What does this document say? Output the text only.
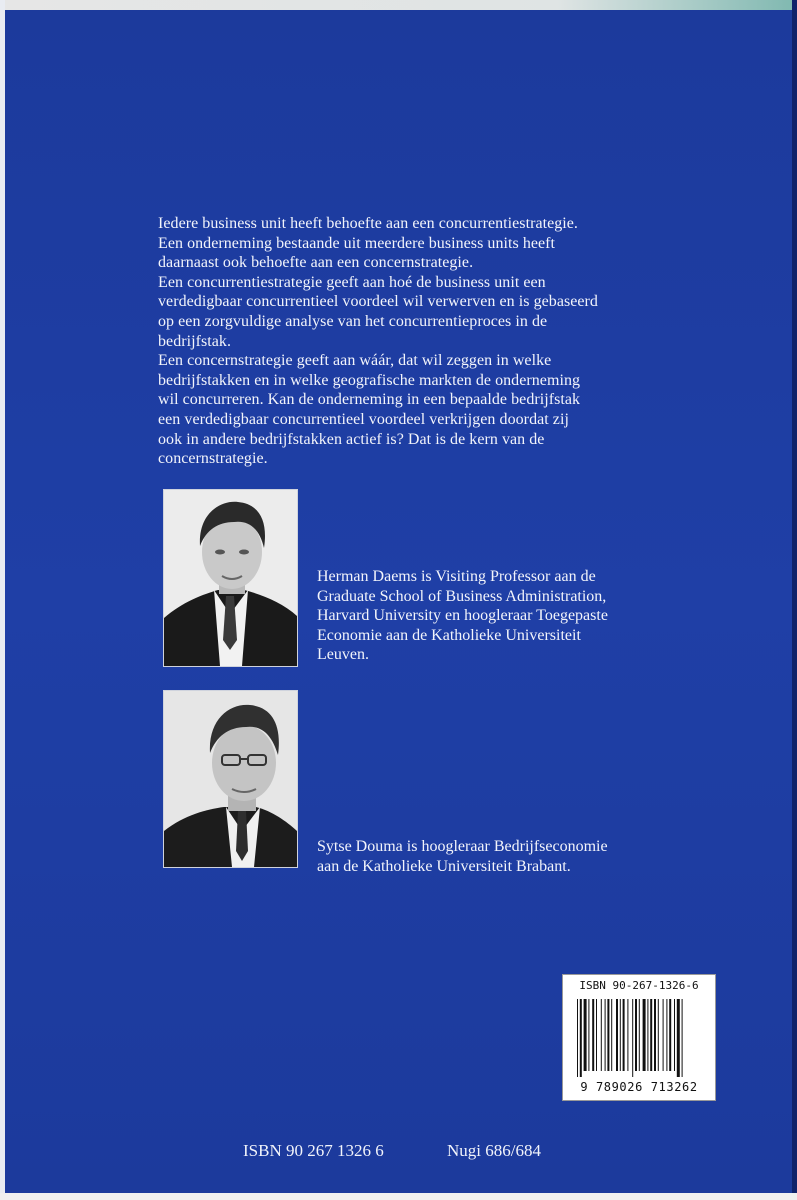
Iedere business unit heeft behoefte aan een concurrentiestrategie.
Een onderneming bestaande uit meerdere business units heeft
daarnaast ook behoefte aan een concernstrategie.
Een concurrentiestrategie geeft aan hoé de business unit een
verdedigbaar concurrentieel voordeel wil verwerven en is gebaseerd
op een zorgvuldige analyse van het concurrentieproces in de
bedrijfstak.
Een concernstrategie geeft aan wáár, dat wil zeggen in welke
bedrijfstakken en in welke geografische markten de onderneming
wil concurreren. Kan de onderneming in een bepaalde bedrijfstak
een verdedigbaar concurrentieel voordeel verkrijgen doordat zij
ook in andere bedrijfstakken actief is? Dat is de kern van de
concernstrategie.

Herman Daems is Visiting Professor aan de
Graduate School of Business Administration,
Harvard University en hoogleraar Toegepaste
Economie aan de Katholieke Universiteit
Leuven.

Sytse Douma is hoogleraar Bedrijfseconomie
aan de Katholieke Universiteit Brabant.

ISBN 90-267-1326-6
9 789026 713262
ISBN 90 267 1326 6	Nugi 686/684
